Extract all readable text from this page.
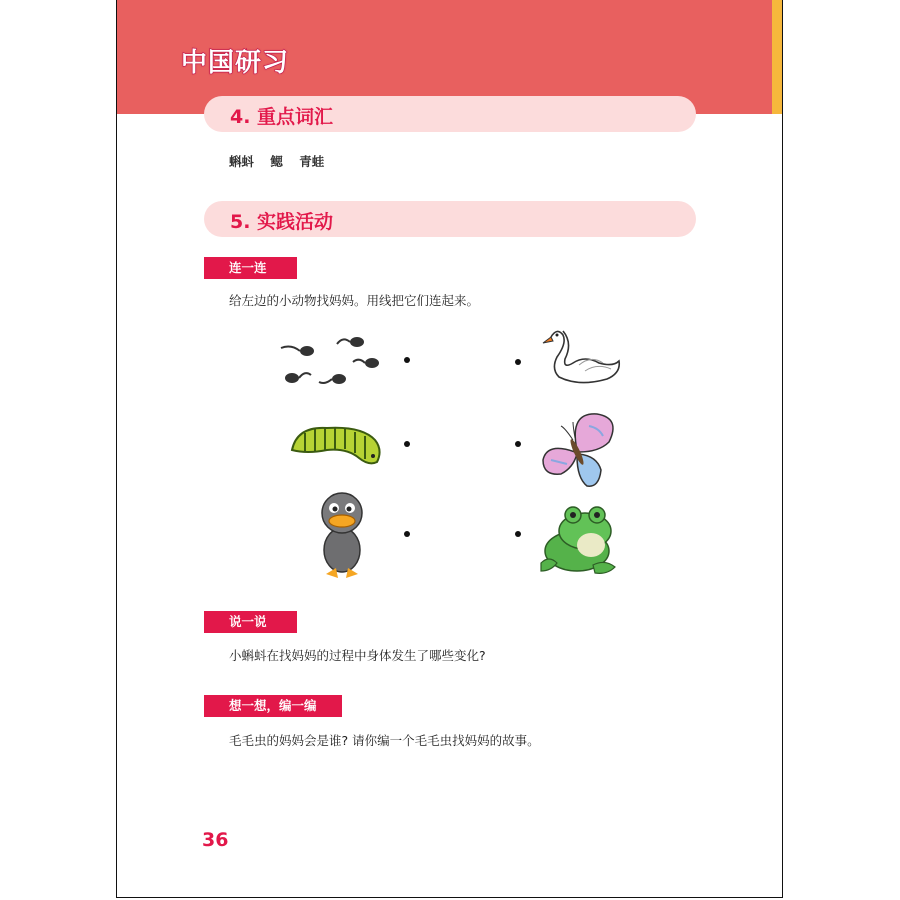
中国研习
4. 重点词汇
蝌蚪 鳃 青蛙
5. 实践活动
连一连
给左边的小动物找妈妈。用线把它们连起来。
说一说
小蝌蚪在找妈妈的过程中身体发生了哪些变化?
想一想，编一编
毛毛虫的妈妈会是谁? 请你编一个毛毛虫找妈妈的故事。
36
